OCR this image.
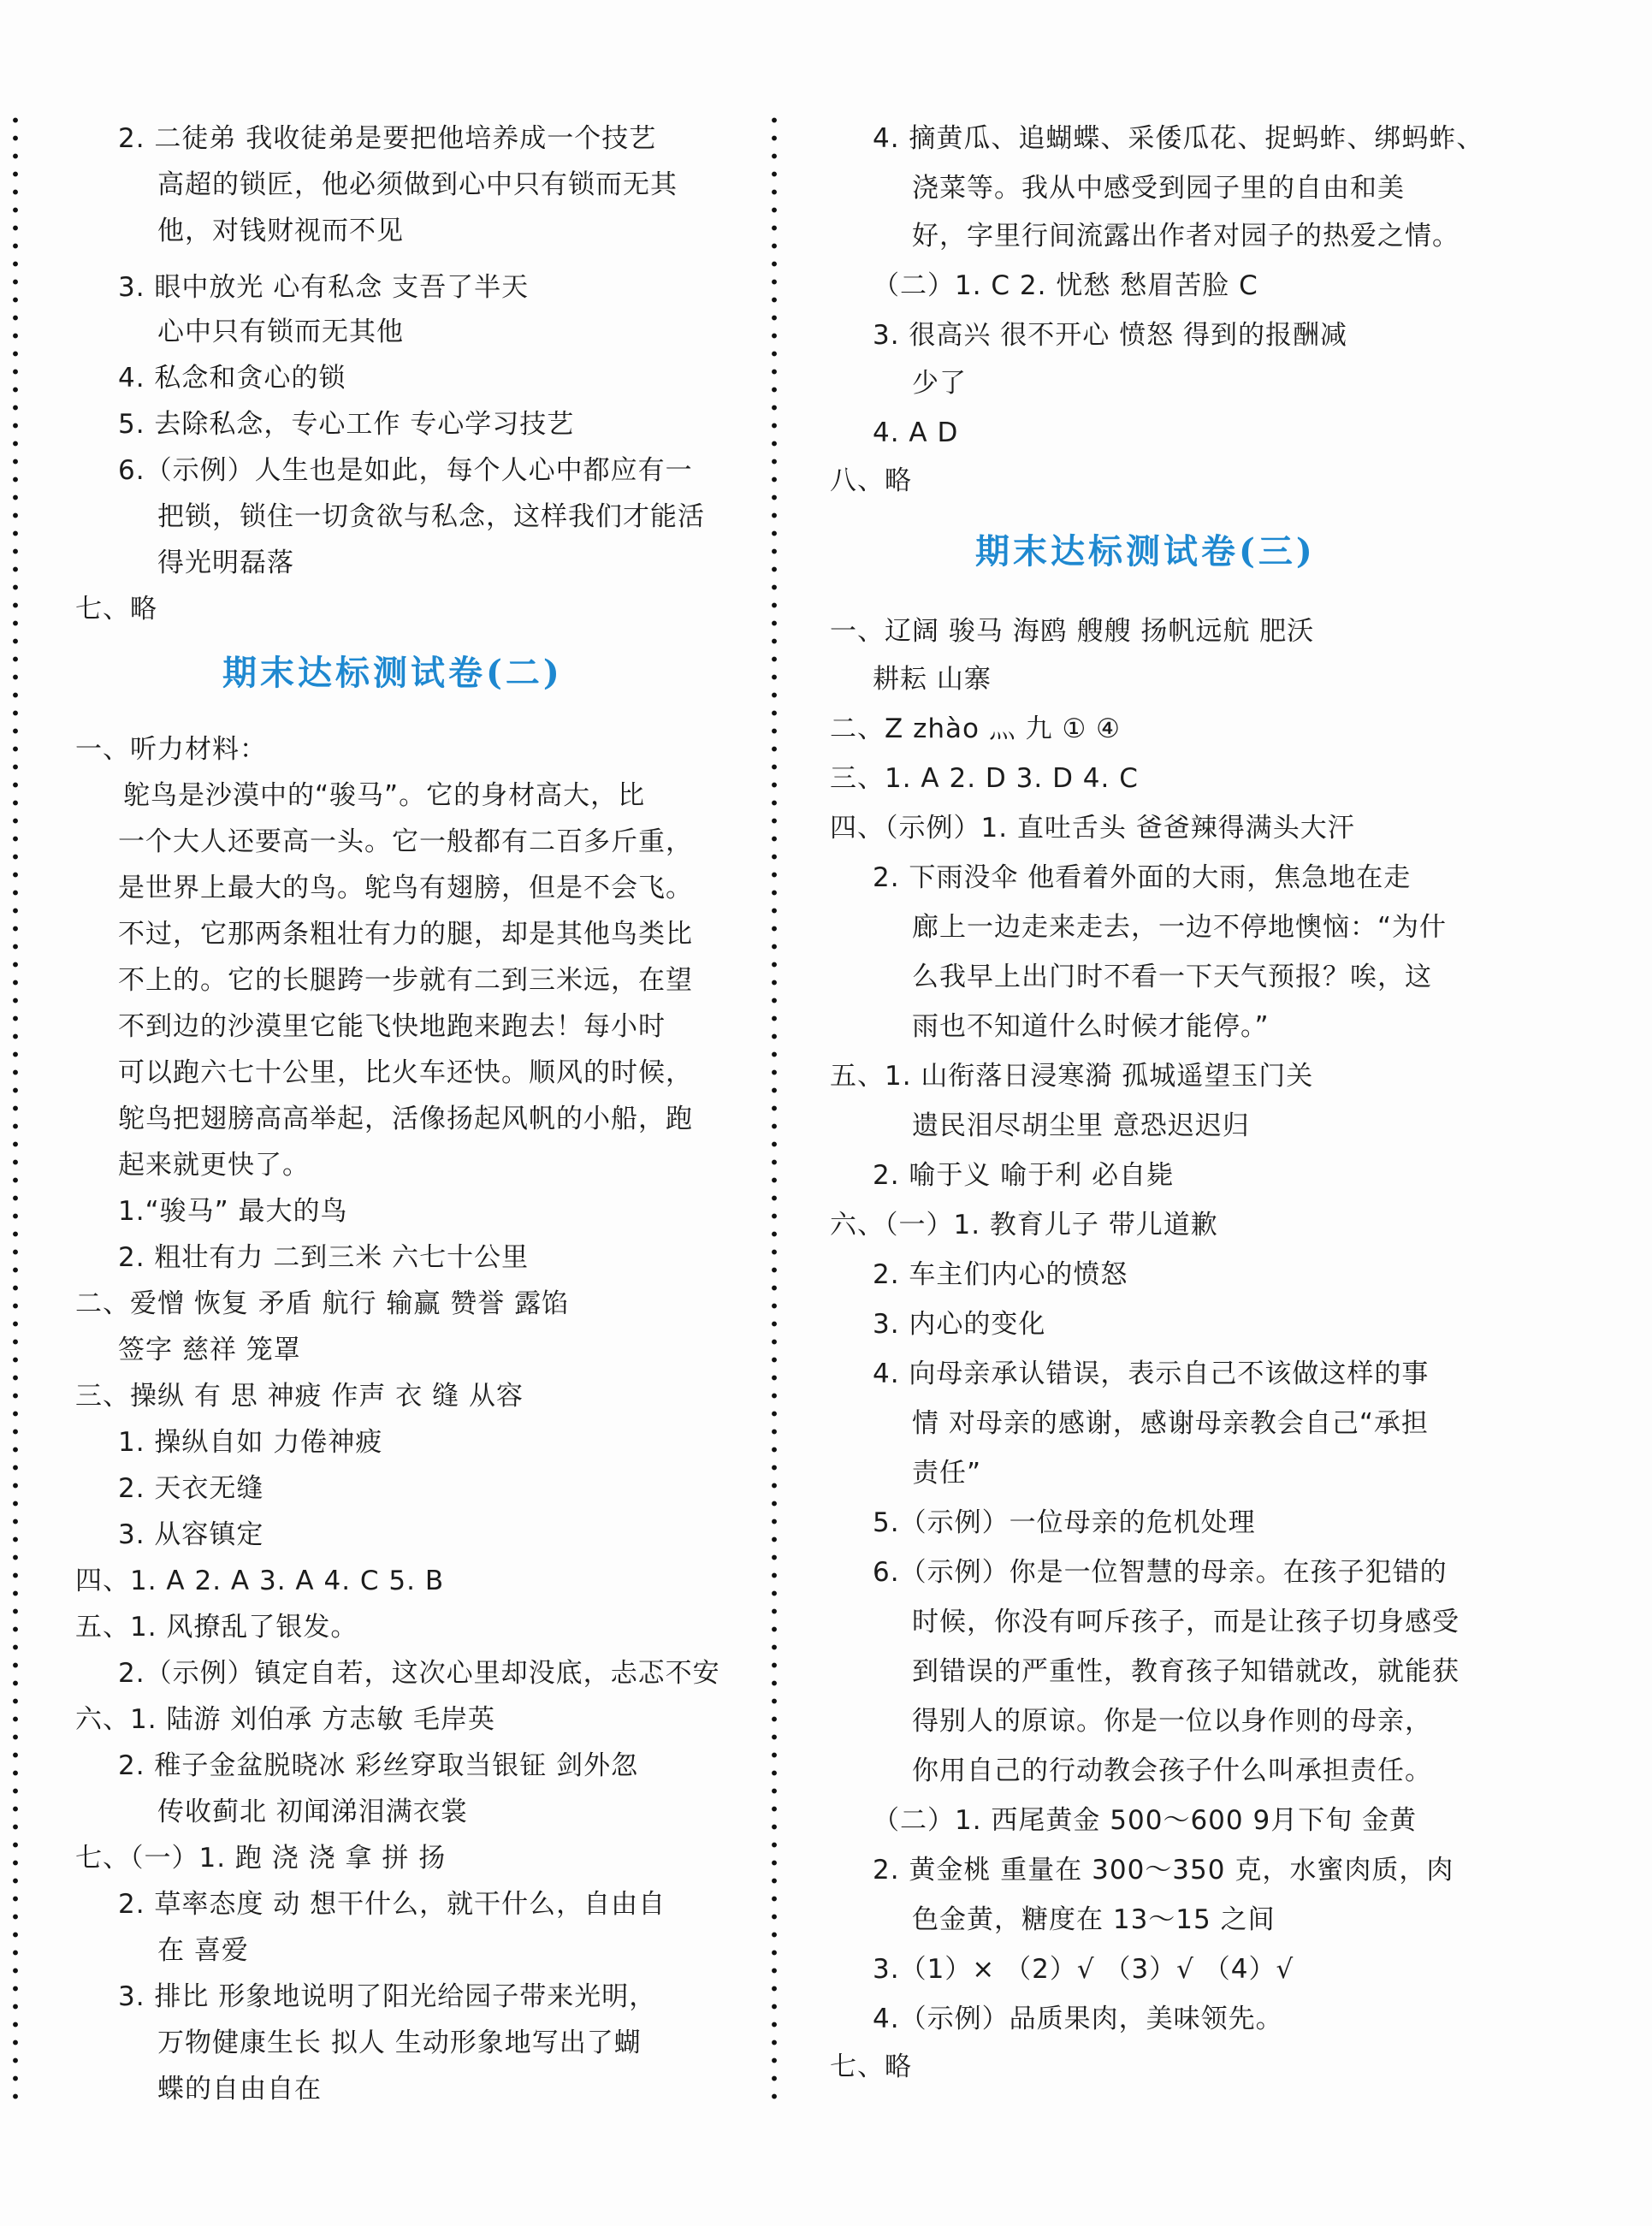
2. 二徒弟 我收徒弟是要把他培养成一个技艺
高超的锁匠，他必须做到心中只有锁而无其
他，对钱财视而不见
3. 眼中放光 心有私念 支吾了半天
心中只有锁而无其他
4. 私念和贪心的锁
5. 去除私念，专心工作 专心学习技艺
6.（示例）人生也是如此，每个人心中都应有一
把锁，锁住一切贪欲与私念，这样我们才能活
得光明磊落
七、略
期末达标测试卷(二)
一、听力材料：
鸵鸟是沙漠中的“骏马”。它的身材高大，比
一个大人还要高一头。它一般都有二百多斤重，
是世界上最大的鸟。鸵鸟有翅膀，但是不会飞。
不过，它那两条粗壮有力的腿，却是其他鸟类比
不上的。它的长腿跨一步就有二到三米远，在望
不到边的沙漠里它能飞快地跑来跑去！每小时
可以跑六七十公里，比火车还快。顺风的时候，
鸵鸟把翅膀高高举起，活像扬起风帆的小船，跑
起来就更快了。
1.“骏马” 最大的鸟
2. 粗壮有力 二到三米 六七十公里
二、爱憎 恢复 矛盾 航行 输赢 赞誉 露馅
签字 慈祥 笼罩
三、操纵 有 思 神疲 作声 衣 缝 从容
1. 操纵自如 力倦神疲
2. 天衣无缝
3. 从容镇定
四、1. A 2. A 3. A 4. C 5. B
五、1. 风撩乱了银发。
2.（示例）镇定自若，这次心里却没底，忐忑不安
六、1. 陆游 刘伯承 方志敏 毛岸英
2. 稚子金盆脱晓冰 彩丝穿取当银钲 剑外忽
传收蓟北 初闻涕泪满衣裳
七、（一）1. 跑 浇 浇 拿 拼 扬
2. 草率态度 动 想干什么，就干什么，自由自
在 喜爱
3. 排比 形象地说明了阳光给园子带来光明，
万物健康生长 拟人 生动形象地写出了蝴
蝶的自由自在
4. 摘黄瓜、追蝴蝶、采倭瓜花、捉蚂蚱、绑蚂蚱、
浇菜等。我从中感受到园子里的自由和美
好，字里行间流露出作者对园子的热爱之情。
（二）1. C 2. 忧愁 愁眉苦脸 C
3. 很高兴 很不开心 愤怒 得到的报酬减
少了
4. A D
八、略
期末达标测试卷(三)
一、辽阔 骏马 海鸥 艘艘 扬帆远航 肥沃
耕耘 山寨
二、Z zhào 灬 九 ① ④
三、1. A 2. D 3. D 4. C
四、（示例）1. 直吐舌头 爸爸辣得满头大汗
2. 下雨没伞 他看着外面的大雨，焦急地在走
廊上一边走来走去，一边不停地懊恼：“为什
么我早上出门时不看一下天气预报？唉，这
雨也不知道什么时候才能停。”
五、1. 山衔落日浸寒漪 孤城遥望玉门关
遗民泪尽胡尘里 意恐迟迟归
2. 喻于义 喻于利 必自毙
六、（一）1. 教育儿子 带儿道歉
2. 车主们内心的愤怒
3. 内心的变化
4. 向母亲承认错误，表示自己不该做这样的事
情 对母亲的感谢，感谢母亲教会自己“承担
责任”
5.（示例）一位母亲的危机处理
6.（示例）你是一位智慧的母亲。在孩子犯错的
时候，你没有呵斥孩子，而是让孩子切身感受
到错误的严重性，教育孩子知错就改，就能获
得别人的原谅。你是一位以身作则的母亲，
你用自己的行动教会孩子什么叫承担责任。
（二）1. 西尾黄金 500～600 9月下旬 金黄
2. 黄金桃 重量在 300～350 克，水蜜肉质，肉
色金黄，糖度在 13～15 之间
3.（1）× （2）√ （3）√ （4）√
4.（示例）品质果肉，美味领先。
七、略
